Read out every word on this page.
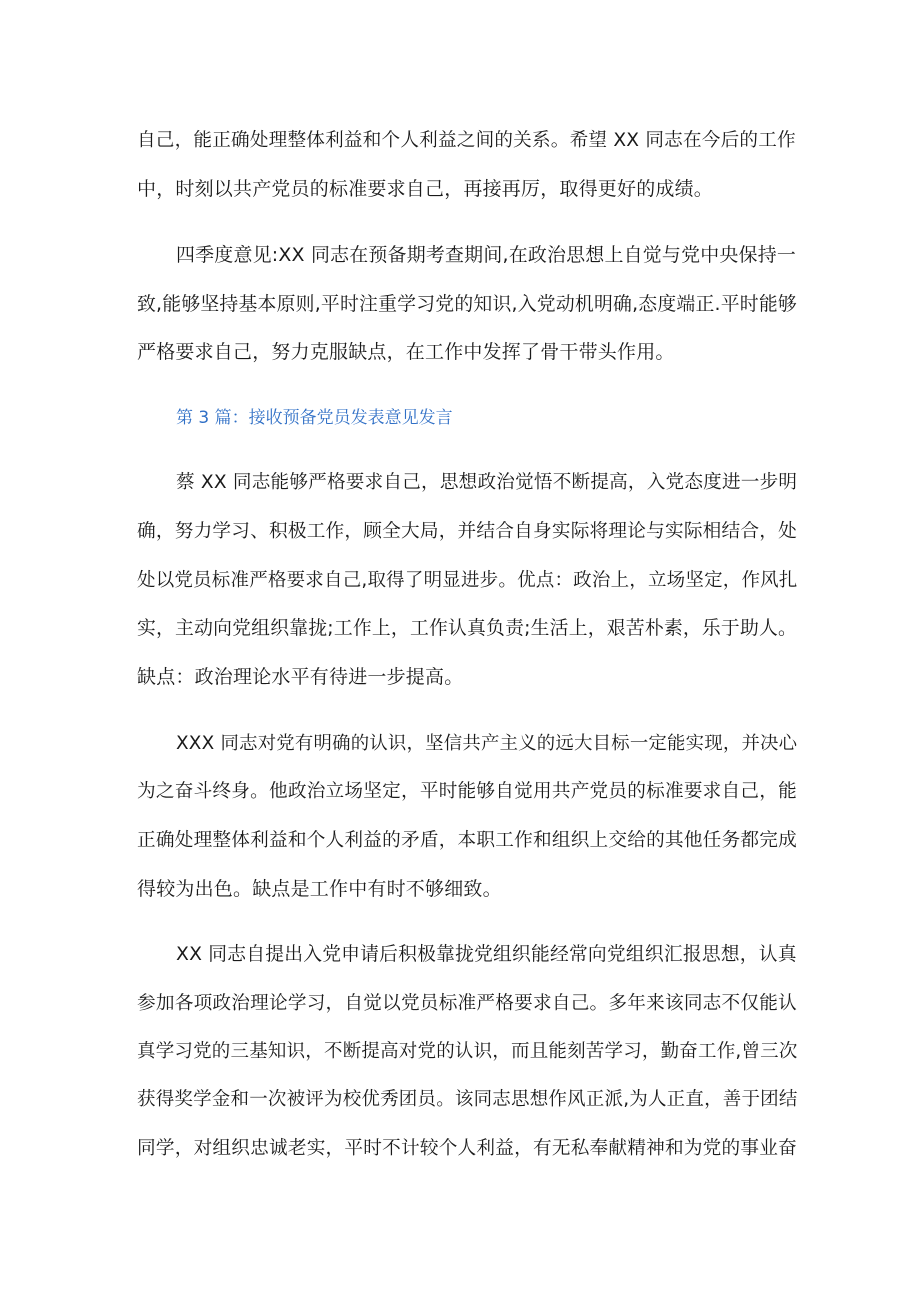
自己，能正确处理整体利益和个人利益之间的关系。希望 XX 同志在今后的工作
中，时刻以共产党员的标准要求自己，再接再厉，取得更好的成绩。
四季度意见:XX 同志在预备期考查期间,在政治思想上自觉与党中央保持一
致,能够坚持基本原则,平时注重学习党的知识,入党动机明确,态度端正.平时能够
严格要求自己，努力克服缺点，在工作中发挥了骨干带头作用。
第 3 篇：接收预备党员发表意见发言
蔡 XX 同志能够严格要求自己，思想政治觉悟不断提高，入党态度进一步明
确，努力学习、积极工作，顾全大局，并结合自身实际将理论与实际相结合，处
处以党员标准严格要求自己,取得了明显进步。优点：政治上，立场坚定，作风扎
实，主动向党组织靠拢;工作上，工作认真负责;生活上，艰苦朴素，乐于助人。
缺点：政治理论水平有待进一步提高。
XXX 同志对党有明确的认识，坚信共产主义的远大目标一定能实现，并决心
为之奋斗终身。他政治立场坚定，平时能够自觉用共产党员的标准要求自己，能
正确处理整体利益和个人利益的矛盾，本职工作和组织上交给的其他任务都完成
得较为出色。缺点是工作中有时不够细致。
XX 同志自提出入党申请后积极靠拢党组织能经常向党组织汇报思想，认真
参加各项政治理论学习，自觉以党员标准严格要求自己。多年来该同志不仅能认
真学习党的三基知识，不断提高对党的认识，而且能刻苦学习，勤奋工作,曾三次
获得奖学金和一次被评为校优秀团员。该同志思想作风正派,为人正直，善于团结
同学，对组织忠诚老实，平时不计较个人利益，有无私奉献精神和为党的事业奋
